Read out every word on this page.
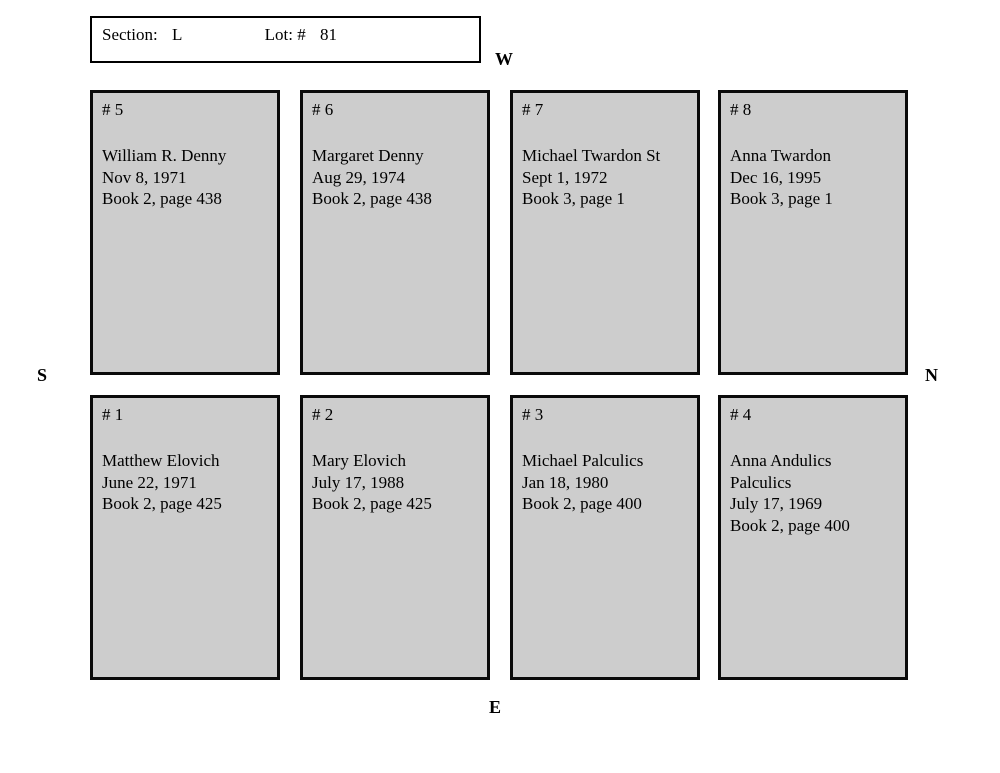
Section: L	Lot: # 81
W
S	N
E
# 5
William R. Denny
Nov 8, 1971
Book 2, page 438
# 6
Margaret Denny
Aug 29, 1974
Book 2, page 438
# 7
Michael Twardon St
Sept 1, 1972
Book 3, page 1
# 8
Anna Twardon
Dec 16, 1995
Book 3, page 1
# 1
Matthew Elovich
June 22, 1971
Book 2, page 425
# 2
Mary Elovich
July 17, 1988
Book 2, page 425
# 3
Michael Palculics
Jan 18, 1980
Book 2, page 400
# 4
Anna Andulics Palculics
July 17, 1969
Book 2, page 400
